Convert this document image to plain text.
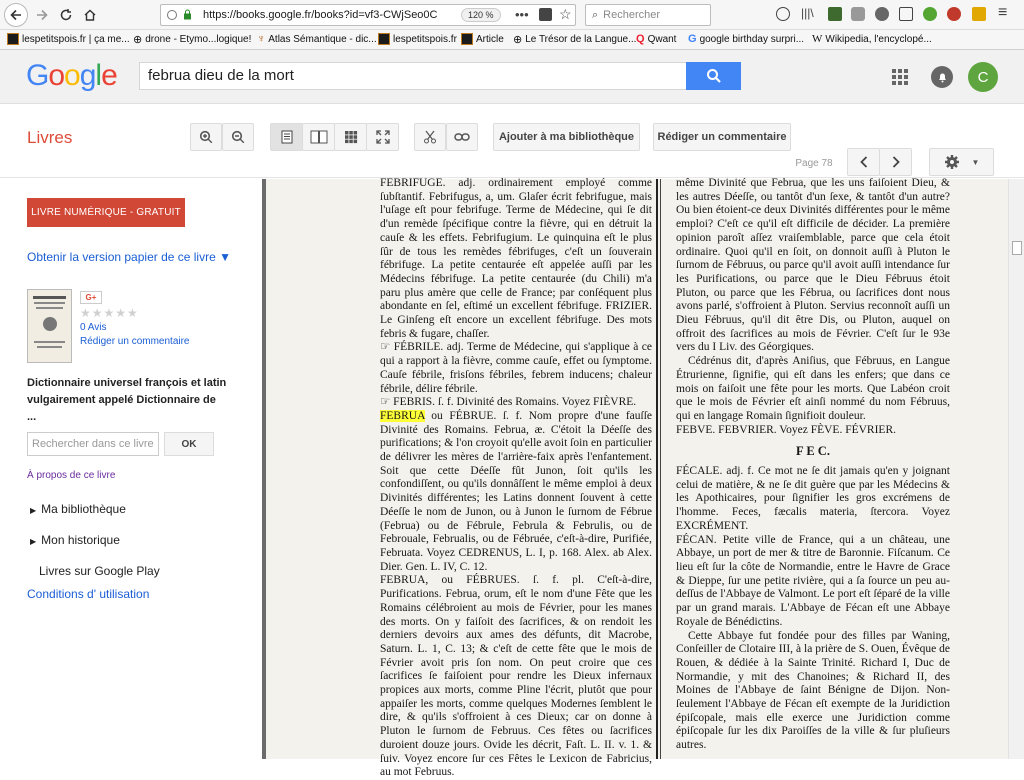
https://books.google.fr/books?id=vf3-CWjSeo0C	120 %	••• ☆ ⌕ Rechercher	|||\	≡
lespetitspois.fr | ça me... ⊕ drone - Etymo...logique! ♆ Atlas Sémantique - dic... lespetitspois.fr Article ⊕ Le Trésor de la Langue... Q Qwant G google birthday surpri... W Wikipedia, l'encyclopé...
Google	februa dieu de la mort	C
Livres	Ajouter à ma bibliothèque	Rédiger un commentaire
Page 78	▼
LIVRE NUMÉRIQUE - GRATUIT
Obtenir la version papier de ce livre ▼
G+
★★★★★
0 Avis
Rédiger un commentaire
Dictionnaire universel françois et latin vulgairement appelé Dictionnaire de ...
Rechercher dans ce livre	OK
À propos de ce livre
▶ Ma bibliothèque
▶ Mon historique
Livres sur Google Play
Conditions d' utilisation

FEBRIFUGE. adj. ordinairement employé comme ſubſtantif. Febrifugus, a, um. Glaſer écrit febrifugue, mais l'uſage eſt pour febrifuge. Terme de Médecine, qui ſe dit d'un remède ſpécifique contre la fièvre, qui en détruit la cauſe & les effets. Febrifugium. Le quinquina eſt le plus ſûr de tous les remèdes fébrifuges, c'eſt un ſouverain fébrifuge. La petite centaurée eſt appelée auſſi par les Médecins fébrifuge. La petite centaurée (du Chili) m'a paru plus amère que celle de France; par conſéquent plus abondante en ſel, eſtimé un excellent fébrifuge. FRIZIER. Le Ginſeng eſt encore un excellent fébrifuge. Des mots febris & fugare, chaſſer.

☞ FÉBRILE. adj. Terme de Médecine, qui s'applique à ce qui a rapport à la fièvre, comme cauſe, effet ou ſymptome. Cauſe fébrile, frisſons fébriles, febrem inducens; chaleur fébrile, délire fébrile.

☞ FEBRIS. ſ. f. Divinité des Romains. Voyez FIÈVRE.

FEBRUA ou FÉBRUE. ſ. f. Nom propre d'une fauſſe Divinité des Romains. Februa, æ. C'étoit la Déeſſe des purifications; & l'on croyoit qu'elle avoit ſoin en particulier de délivrer les mères de l'arrière-faix après l'enfantement. Soit que cette Déeſſe fût Junon, ſoit qu'ils les confondiſſent, ou qu'ils donnâſſent le même emploi à deux Divinités différentes; les Latins donnent ſouvent à cette Déeſſe le nom de Junon, ou à Junon le ſurnom de Fébrue (Februa) ou de Fébrule, Februla & Februlis, ou de Febrouale, Februalis, ou de Fébruée, c'eſt-à-dire, Purifiée, Februata. Voyez CEDRENUS, L. I, p. 168. Alex. ab Alex. Dier. Gen. L. IV, C. 12.

FEBRUA, ou FÉBRUES. ſ. f. pl. C'eſt-à-dire, Purifications. Februa, orum, eſt le nom d'une Fête que les Romains célébroient au mois de Février, pour les manes des morts. On y faiſoit des ſacrifices, & on rendoit les derniers devoirs aux ames des défunts, dit Macrobe, Saturn. L. 1, C. 13; & c'eſt de cette fête que le mois de Février avoit pris ſon nom. On peut croire que ces ſacrifices ſe faiſoient pour rendre les Dieux infernaux propices aux morts, comme Pline l'écrit, plutôt que pour appaiſer les morts, comme quelques Modernes ſemblent le dire, & qu'ils s'offroient à ces Dieux; car on donne à Pluton le ſurnom de Februus. Ces fêtes ou ſacrifices duroient douze jours. Ovide les décrit, Faſt. L. II. v. 1. & ſuiv. Voyez encore ſur ces Fêtes le Lexicon de Fabricius, au mot Februus.

même Divinité que Februa, que les uns faiſoient Dieu, & les autres Déeſſe, ou tantôt d'un ſexe, & tantôt d'un autre? Ou bien étoient-ce deux Divinités différentes pour le même emploi? C'eſt ce qu'il eſt difficile de décider. La première opinion paroît aſſez vraiſemblable, parce que cela étoit ordinaire. Quoi qu'il en ſoit, on donnoit auſſi à Pluton le ſurnom de Fébruus, ou parce qu'il avoit auſſi intendance ſur les Purifications, ou parce que le Dieu Fébruus étoit Pluton, ou parce que les Fébrua, ou ſacrifices dont nous avons parlé, s'offroient à Pluton. Servius reconnoît auſſi un Dieu Fébruus, qu'il dit être Dis, ou Pluton, auquel on offroit des ſacrifices au mois de Février. C'eſt ſur le 93e vers du I Liv. des Géorgiques.

Cédrénus dit, d'après Aniſius, que Fébruus, en Langue Étrurienne, ſignifie, qui eſt dans les enfers; que dans ce mois on faiſoit une fête pour les morts. Que Labéon croit que le mois de Février eſt ainſi nommé du nom Fébruus, qui en langage Romain ſignifioit douleur.

FEBVE. FEBVRIER. Voyez FÈVE. FÉVRIER.

F E C.

FÉCALE. adj. f. Ce mot ne ſe dit jamais qu'en y joignant celui de matière, & ne ſe dit guère que par les Médecins & les Apothicaires, pour ſignifier les gros excrémens de l'homme. Feces, fæcalis materia, ſtercora. Voyez EXCRÉMENT.

FÉCAN. Petite ville de France, qui a un château, une Abbaye, un port de mer & titre de Baronnie. Fiſcanum. Ce lieu eſt ſur la côte de Normandie, entre le Havre de Grace & Dieppe, ſur une petite rivière, qui a ſa ſource un peu au-deſſus de l'Abbaye de Valmont. Le port eſt ſéparé de la ville par un grand marais. L'Abbaye de Fécan eſt une Abbaye Royale de Bénédictins.

Cette Abbaye fut fondée pour des filles par Waning, Conſeiller de Clotaire III, à la prière de S. Ouen, Évêque de Rouen, & dédiée à la Sainte Trinité. Richard I, Duc de Normandie, y mit des Chanoines; & Richard II, des Moines de l'Abbaye de ſaint Bénigne de Dijon. Non-ſeulement l'Abbaye de Fécan eſt exempte de la Juridiction épiſcopale, mais elle exerce une Juridiction comme épiſcopale ſur les dix Paroiſſes de la ville & ſur pluſieurs autres.
